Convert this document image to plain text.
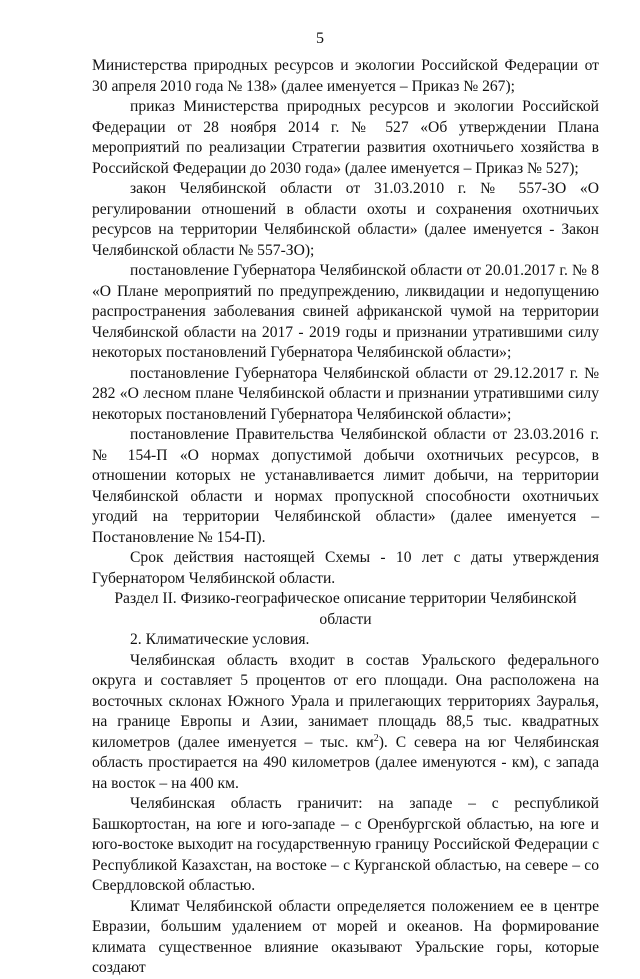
5

Министерства природных ресурсов и экологии Российской Федерации от 30 апреля 2010 года № 138» (далее именуется – Приказ № 267);

приказ Министерства природных ресурсов и экологии Российской Федерации от 28 ноября 2014 г. № 527 «Об утверждении Плана мероприятий по реализации Стратегии развития охотничьего хозяйства в Российской Федерации до 2030 года» (далее именуется – Приказ № 527);

закон Челябинской области от 31.03.2010 г. № 557-ЗО «О регулировании отношений в области охоты и сохранения охотничьих ресурсов на территории Челябинской области» (далее именуется - Закон Челябинской области № 557-ЗО);

постановление Губернатора Челябинской области от 20.01.2017 г. № 8 «О Плане мероприятий по предупреждению, ликвидации и недопущению распространения заболевания свиней африканской чумой на территории Челябинской области на 2017 - 2019 годы и признании утратившими силу некоторых постановлений Губернатора Челябинской области»;

постановление Губернатора Челябинской области от 29.12.2017 г. № 282 «О лесном плане Челябинской области и признании утратившими силу некоторых постановлений Губернатора Челябинской области»;

постановление Правительства Челябинской области от 23.03.2016 г. № 154-П «О нормах допустимой добычи охотничьих ресурсов, в отношении которых не устанавливается лимит добычи, на территории Челябинской области и нормах пропускной способности охотничьих угодий на территории Челябинской области» (далее именуется – Постановление № 154-П).

Срок действия настоящей Схемы - 10 лет с даты утверждения Губернатором Челябинской области.

Раздел II. Физико-географическое описание территории Челябинской области

2. Климатические условия.

Челябинская область входит в состав Уральского федерального округа и составляет 5 процентов от его площади. Она расположена на восточных склонах Южного Урала и прилегающих территориях Зауралья, на границе Европы и Азии, занимает площадь 88,5 тыс. квадратных километров (далее именуется – тыс. $км^2$). С севера на юг Челябинская область простирается на 490 километров (далее именуются - км), с запада на восток – на 400 км.

Челябинская область граничит: на западе – с республикой Башкортостан, на юге и юго-западе – с Оренбургской областью, на юге и юго-востоке выходит на государственную границу Российской Федерации с Республикой Казахстан, на востоке – с Курганской областью, на севере – со Свердловской областью.

Климат Челябинской области определяется положением ее в центре Евразии, большим удалением от морей и океанов. На формирование климата существенное влияние оказывают Уральские горы, которые создают
